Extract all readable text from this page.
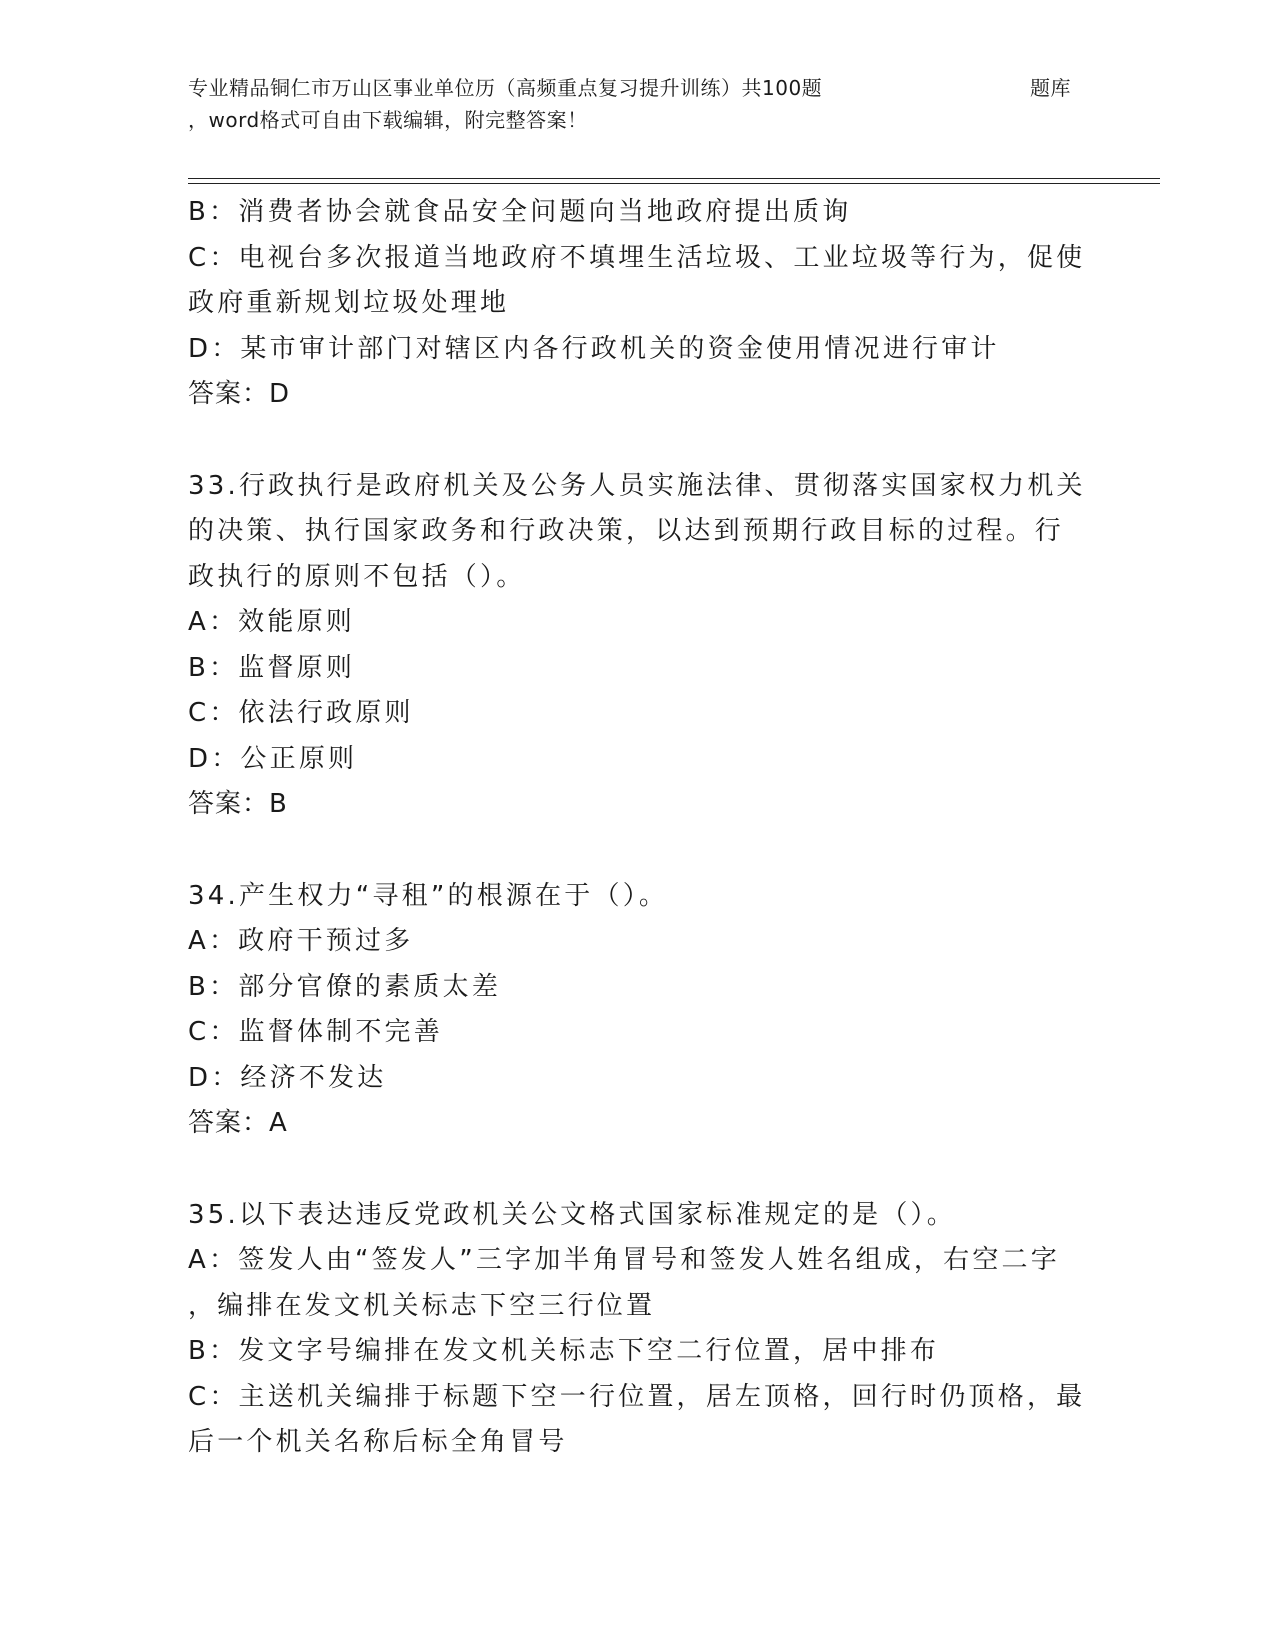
专业精品铜仁市万山区事业单位历（高频重点复习提升训练）共100题	题库
，word格式可自由下载编辑，附完整答案！
B：消费者协会就食品安全问题向当地政府提出质询
C：电视台多次报道当地政府不填埋生活垃圾、工业垃圾等行为，促使
政府重新规划垃圾处理地
D：某市审计部门对辖区内各行政机关的资金使用情况进行审计
答案：D
33.行政执行是政府机关及公务人员实施法律、贯彻落实国家权力机关
的决策、执行国家政务和行政决策，以达到预期行政目标的过程。行
政执行的原则不包括（）。
A：效能原则
B：监督原则
C：依法行政原则
D：公正原则
答案：B
34.产生权力“寻租”的根源在于（）。
A：政府干预过多
B：部分官僚的素质太差
C：监督体制不完善
D：经济不发达
答案：A
35.以下表达违反党政机关公文格式国家标准规定的是（）。
A：签发人由“签发人”三字加半角冒号和签发人姓名组成，右空二字
，编排在发文机关标志下空三行位置
B：发文字号编排在发文机关标志下空二行位置，居中排布
C：主送机关编排于标题下空一行位置，居左顶格，回行时仍顶格，最
后一个机关名称后标全角冒号
